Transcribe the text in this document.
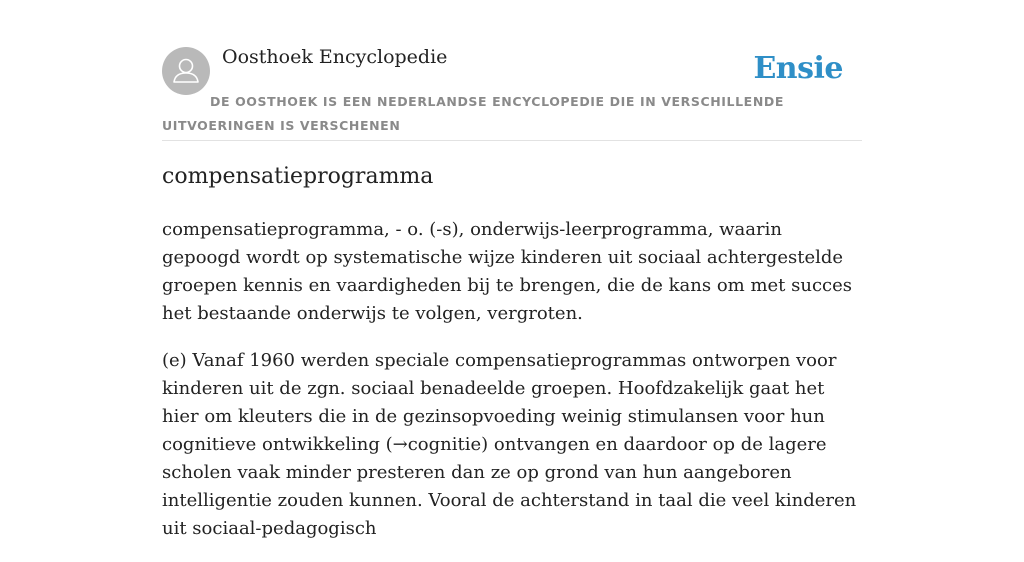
Oosthoek Encyclopedie	Ensie
DE OOSTHOEK IS EEN NEDERLANDSE ENCYCLOPEDIE DIE IN VERSCHILLENDE UITVOERINGEN IS VERSCHENEN
compensatieprogramma

compensatieprogramma, - o. (-s), onderwijs-leerprogramma, waarin gepoogd wordt op systematische wijze kinderen uit sociaal achtergestelde groepen kennis en vaardigheden bij te brengen, die de kans om met succes het bestaande onderwijs te volgen, vergroten.

(e) Vanaf 1960 werden speciale compensatieprogrammas ontworpen voor kinderen uit de zgn. sociaal benadeelde groepen. Hoofdzakelijk gaat het hier om kleuters die in de gezinsopvoeding weinig stimulansen voor hun cognitieve ontwikkeling (→cognitie) ontvangen en daardoor op de lagere scholen vaak minder presteren dan ze op grond van hun aangeboren intelligentie zouden kunnen. Vooral de achterstand in taal die veel kinderen uit sociaal-pedagogisch
